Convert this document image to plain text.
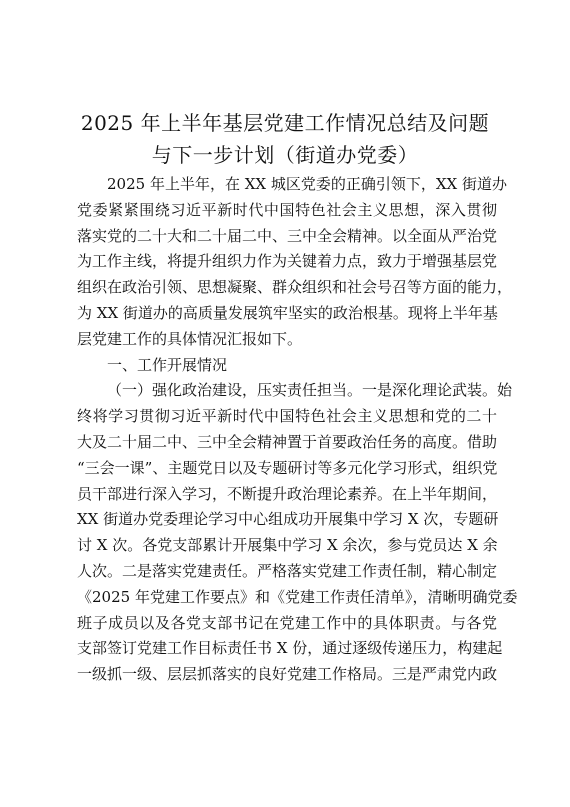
2025 年上半年基层党建工作情况总结及问题
与下一步计划（街道办党委）
2025 年上半年，在 XX 城区党委的正确引领下，XX 街道办
党委紧紧围绕习近平新时代中国特色社会主义思想，深入贯彻
落实党的二十大和二十届二中、三中全会精神。以全面从严治党
为工作主线，将提升组织力作为关键着力点，致力于增强基层党
组织在政治引领、思想凝聚、群众组织和社会号召等方面的能力，
为 XX 街道办的高质量发展筑牢坚实的政治根基。现将上半年基
层党建工作的具体情况汇报如下。
一、工作开展情况
（一）强化政治建设，压实责任担当。一是深化理论武装。始
终将学习贯彻习近平新时代中国特色社会主义思想和党的二十
大及二十届二中、三中全会精神置于首要政治任务的高度。借助
“三会一课”、主题党日以及专题研讨等多元化学习形式，组织党
员干部进行深入学习，不断提升政治理论素养。在上半年期间，
XX 街道办党委理论学习中心组成功开展集中学习 X 次，专题研
讨 X 次。各党支部累计开展集中学习 X 余次，参与党员达 X 余
人次。二是落实党建责任。严格落实党建工作责任制，精心制定
《2025 年党建工作要点》和《党建工作责任清单》，清晰明确党委
班子成员以及各党支部书记在党建工作中的具体职责。与各党
支部签订党建工作目标责任书 X 份，通过逐级传递压力，构建起
一级抓一级、层层抓落实的良好党建工作格局。三是严肃党内政
